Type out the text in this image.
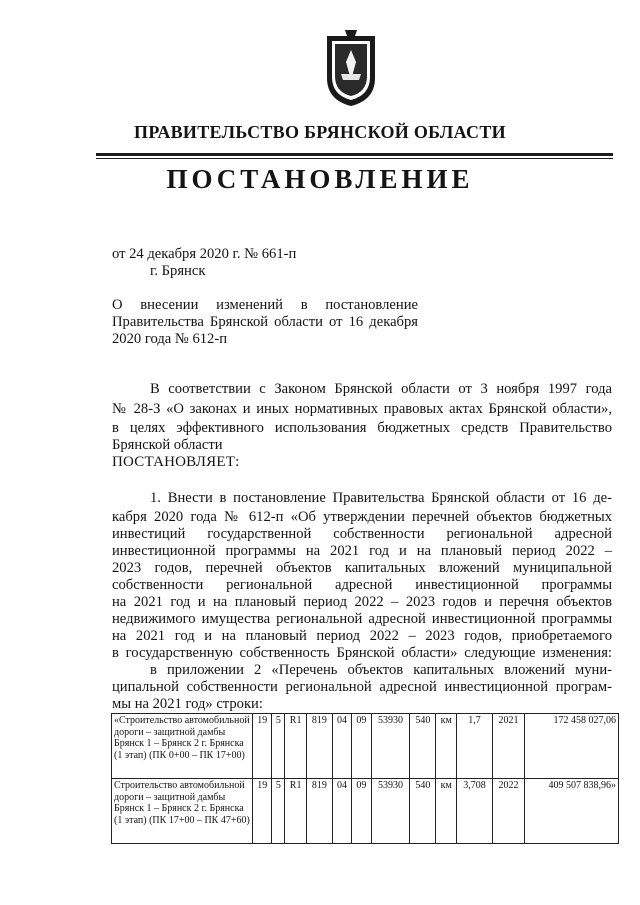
ПРАВИТЕЛЬСТВО БРЯНСКОЙ ОБЛАСТИ
ПОСТАНОВЛЕНИЕ
от 24 декабря 2020 г. № 661-п
г. Брянск
О внесении изменений в постановление
Правительства Брянской области от 16 декабря
2020 года № 612-п
В соответствии с Законом Брянской области от 3 ноября 1997 года
№ 28-З «О законах и иных нормативных правовых актах Брянской области»,
в целях эффективного использования бюджетных средств Правительство
Брянской области
ПОСТАНОВЛЯЕТ:
1. Внести в постановление Правительства Брянской области от 16 де-
кабря 2020 года № 612-п «Об утверждении перечней объектов бюджетных
инвестиций государственной собственности региональной адресной
инвестиционной программы на 2021 год и на плановый период 2022 –
2023 годов, перечней объектов капитальных вложений муниципальной
собственности региональной адресной инвестиционной программы
на 2021 год и на плановый период 2022 – 2023 годов и перечня объектов
недвижимого имущества региональной адресной инвестиционной программы
на 2021 год и на плановый период 2022 – 2023 годов, приобретаемого
в государственную собственность Брянской области» следующие изменения:
в приложении 2 «Перечень объектов капитальных вложений муни-
ципальной собственности региональной адресной инвестиционной програм-
«Строительство автомобильной дороги – защитной дамбы Брянск 1 – Брянск 2 г. Брянска (1 этап) (ПК 0+00 – ПК 17+00)	19	5	R1	819	04	09	53930	540	км	1,7	2021	172 458 027,06
Строительство автомобильной дороги – защитной дамбы Брянск 1 – Брянск 2 г. Брянска (1 этап) (ПК 17+00 – ПК 47+60)	19	5	R1	819	04	09	53930	540	км	3,708	2022	409 507 838,96»
мы на 2021 год» строки:
